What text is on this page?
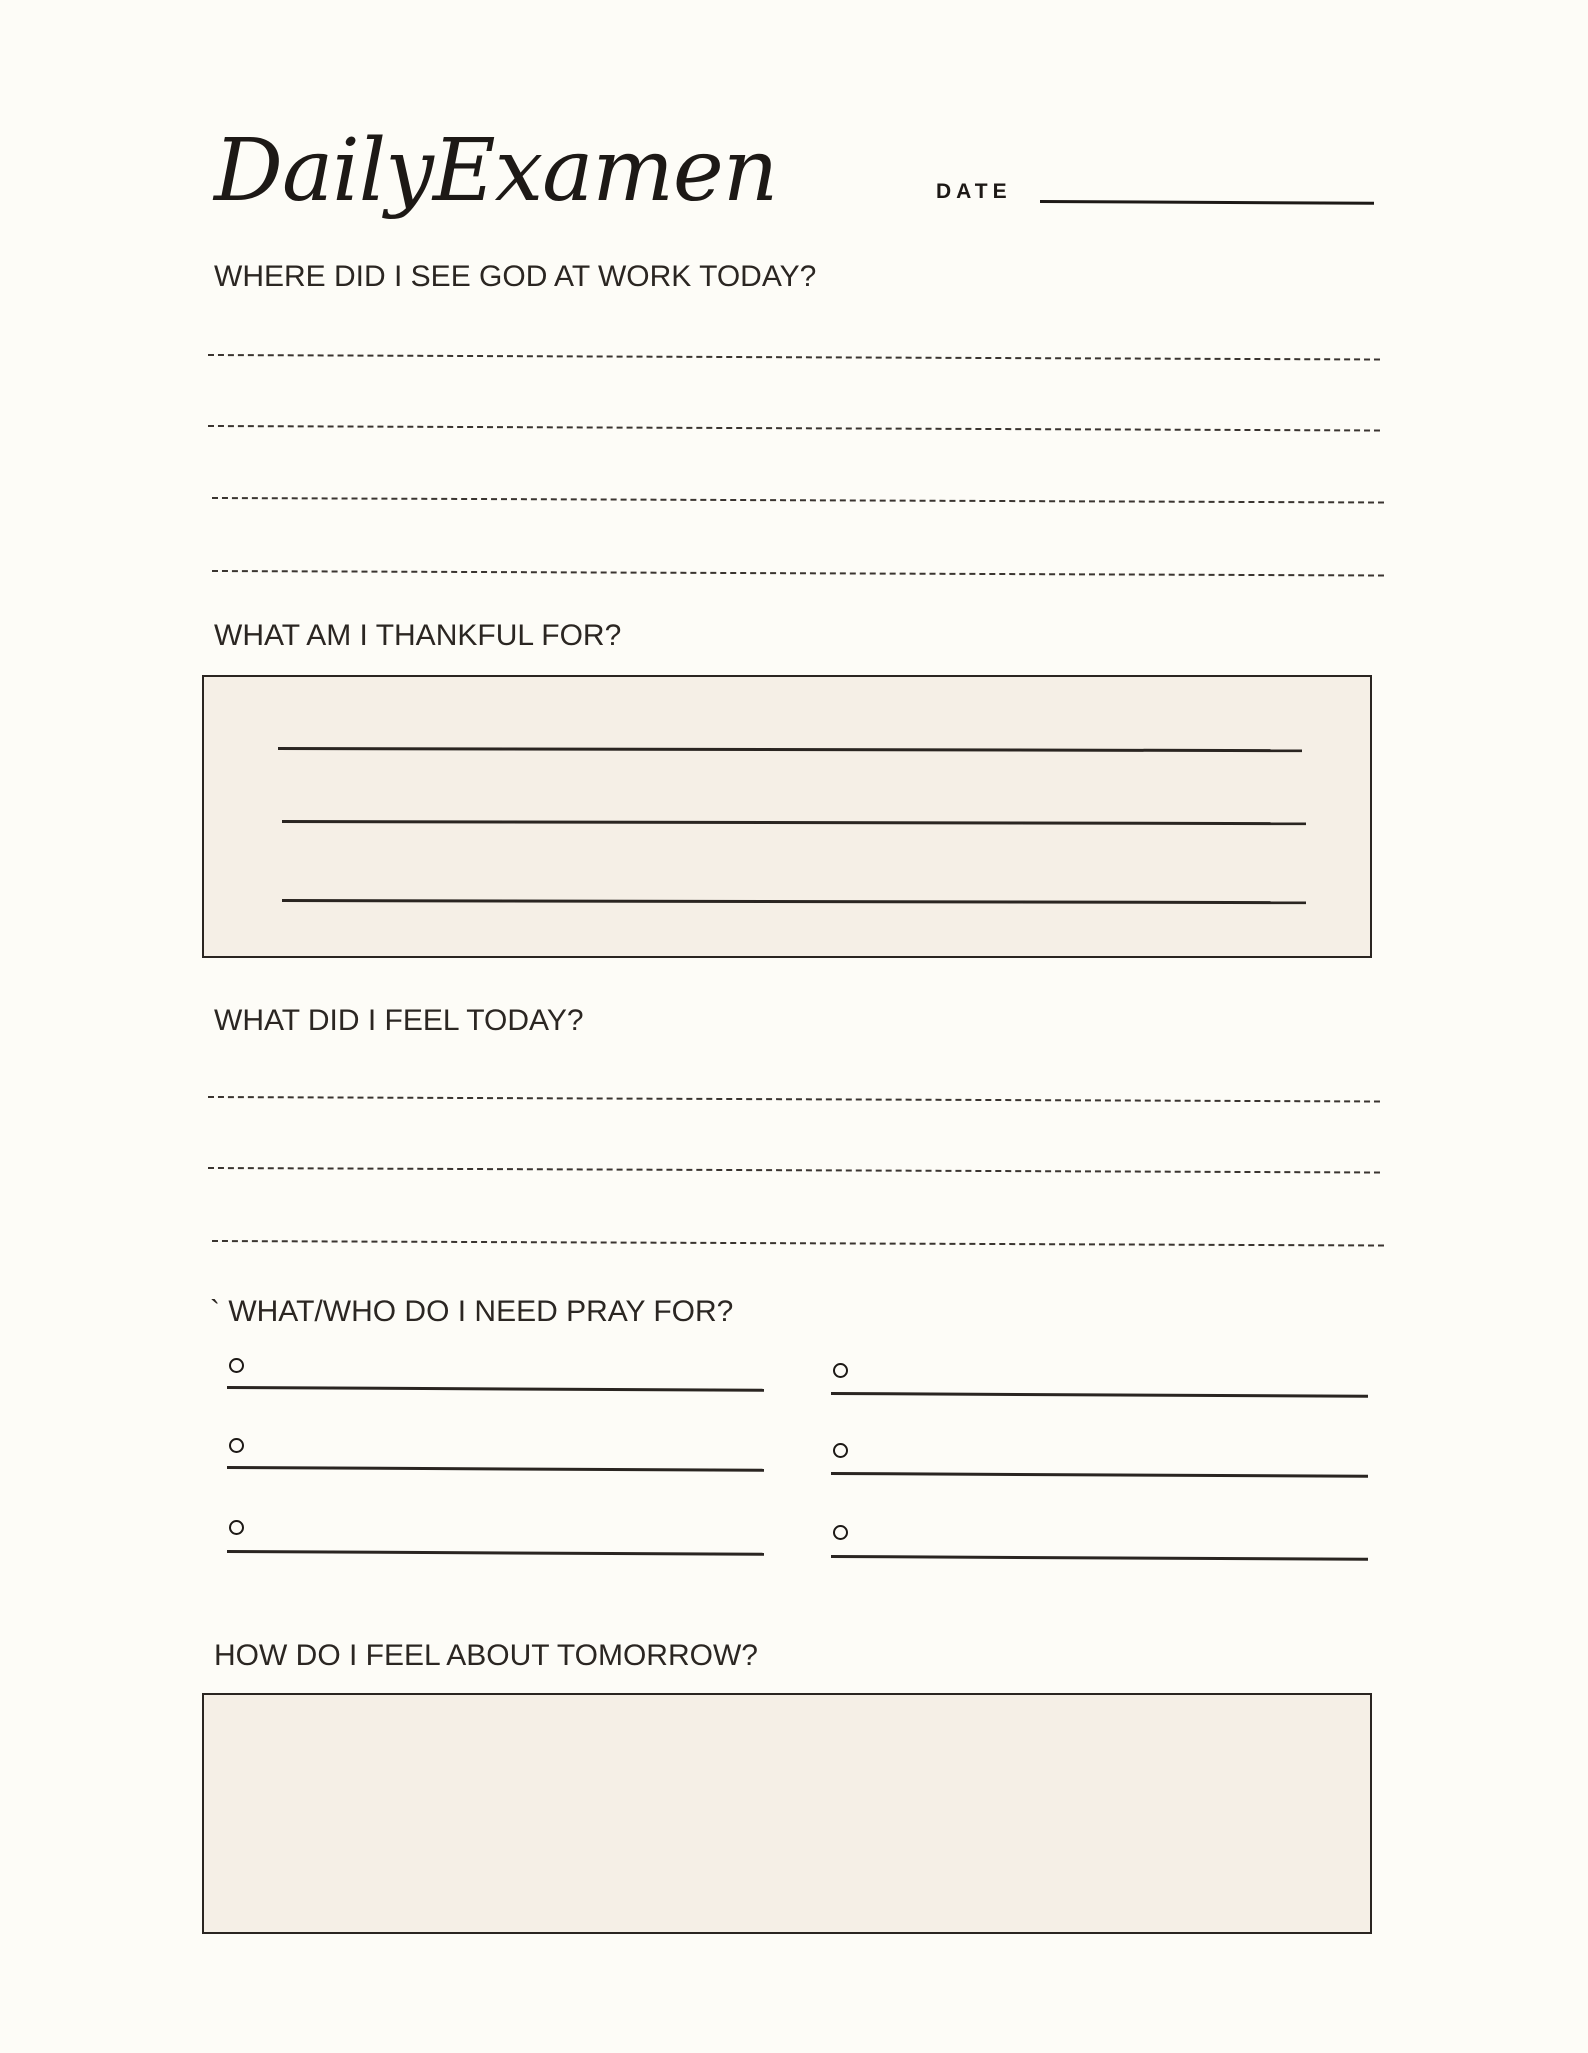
DailyExamen	DATE
WHERE DID I SEE GOD AT WORK TODAY?
WHAT AM I THANKFUL FOR?
WHAT DID I FEEL TODAY?
` WHAT/WHO DO I NEED PRAY FOR?
HOW DO I FEEL ABOUT TOMORROW?
